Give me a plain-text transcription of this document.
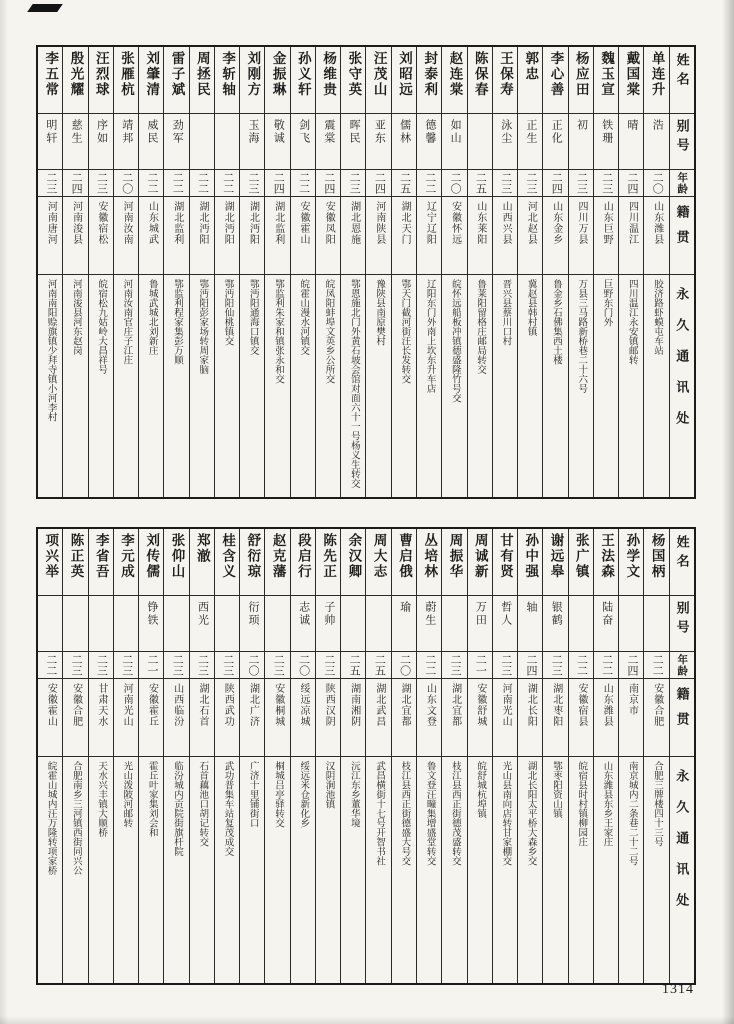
李五常
明轩
二三
河南唐河
河南南阳赊旗镇少拜寺镇小河李村
殷光耀
慈生
二四
河南浚县
河南浚县河东赵岗
汪烈球
序如
二三
安徽宿松
皖宿松九姑岭大昌祥号
张雁杭
靖邦
二〇
河南汝南
河南汝南官庄子江庄
刘肇清
威民
二二
山东城武
鲁城武城北刘新庄
雷子斌
劲军
二二
湖北监利
鄂监利程家集彭万顺
周拯民
二二
湖北沔阳
鄂沔阳彭家场转周家脑
李斩轴
二二
湖北沔阳
鄂沔阳仙桃镇交
刘刚方
玉海
二三
湖北沔阳
鄂沔阳通海口镇交
金振琳
敬诚
二四
湖北监利
鄂监利朱家和镇张永和交
孙义轩
剑飞
二二
安徽霍山
皖霍山漫水河镇交
杨维贵
震棠
二四
安徽凤阳
皖凤阳蚌埠文英乡公所交
张守英
晖民
二三
湖北恩施
鄂恩施北门外黄石坡会馆对面六十一号杨义生转交
汪茂山
亚东
二四
河南陕县
豫陕县南原樊村
刘昭远
儒林
二五
湖北天门
鄂天门截河街汪长发转交
封泰利
德馨
二二
辽宁辽阳
辽阳东门外南上坎东升车店
赵连棠
如山
二〇
安徽怀远
皖怀远船板冲镇德盛隆竹号交
陈保春
二五
山东莱阳
鲁莱阳留格庄邮局转交
王保寿
泳尘
二三
山西兴县
晋兴县蔡川口村
郭忠
正生
二三
河北赵县
冀赵县韩村镇
李心善
正化
二四
山东金乡
鲁金乡石佛集西土楼
杨应田
初
二三
四川万县
万县三马路新桥巷二十六号
魏玉宣
铁珊
二三
山东巨野
巨野东门外
戴国棠
晴
二四
四川温江
四川温江永安镇邮转
单连升
浩
二〇
山东潍县
胶济路虾蟆屯车站
姓名
别号
年龄
籍贯
永久通讯处
项兴举
二二
安徽霍山
皖霍山城内汪万隆转项家桥
陈正英
二三
安徽合肥
合肥南乡三河镇西街同兴公
李省吾
二三
甘肃天水
天水兴丰镇大顺桥
李元成
二三
河南光山
光山泼陂河邮转
刘传儒
铮铁
二一
安徽霍丘
霍丘叶家集刘会和
张仰山
二三
山西临汾
临汾城内贡院街旗杆院
郑澈
西光
二三
湖北石首
石首藕池口胡记转交
桂含义
二三
陕西武功
武功普集车站复茂成交
舒衍琼
衍顼
二〇
湖北广济
广济十里铺街口
赵克藩
二三
安徽桐城
桐城吕亭驿转交
段启行
志诚
二〇
绥远凉城
绥远米仓新化乡
陈先正
子帅
二三
陕西汉阴
汉阴涧池镇
余汉卿
二五
湖南湘阴
沅江东乡董华境
周大志
二五
湖北武昌
武昌横街十七号开智书社
曹启俄
瑜
二〇
湖北宜都
枝江县西正街德盛大号交
丛培林
蔚生
二二
山东文登
鲁文登汪疃集增盛堂转交
周振华
二三
湖北宜都
枝江县西正街德茂盛转交
周诚新
万田
二一
安徽舒城
皖舒城杭埠镇
甘有贤
哲人
二三
河南光山
光山县南向店转甘家棚交
孙中强
轴
二四
湖北长阳
湖北长阳太平桥大森乡交
谢远皋
银鹤
二三
湖北枣阳
鄂枣阳资山镇
张广镇
二二
安徽宿县
皖宿县时村镇柳园庄
王法森
陆奋
二二
山东潍县
山东潍县东乡王家庄
孙学文
二四
南京市
南京城内二条巷二十二号
杨国柄
二二
安徽合肥
合肥三牌楼四十三号
姓名
别号
年龄
籍贯
永久通讯处
1314
